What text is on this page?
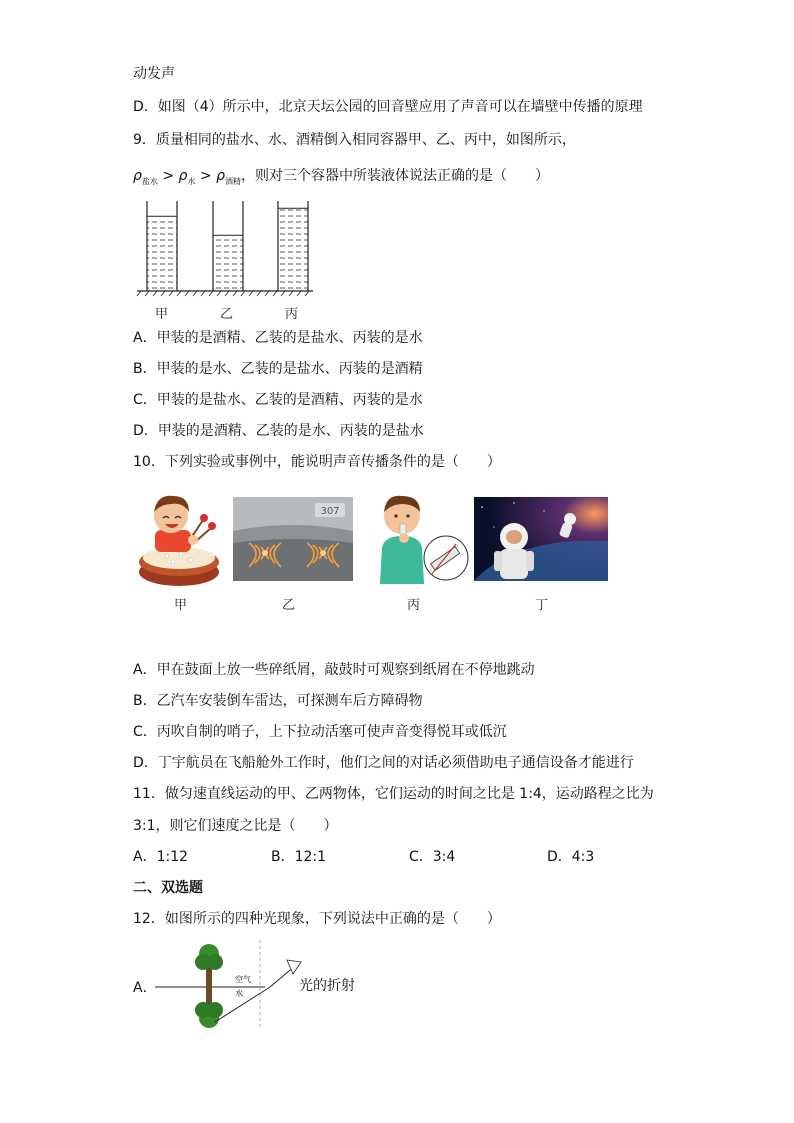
动发声
D．如图（4）所示中，北京天坛公园的回音壁应用了声音可以在墙壁中传播的原理
9．质量相同的盐水、水、酒精倒入相同容器甲、乙、丙中，如图所示，
$\rho_{盐水} > \rho_水 > \rho_{酒精}$，则对三个容器中所装液体说法正确的是（　　）
甲	乙	丙
A．甲装的是酒精、乙装的是盐水、丙装的是水
B．甲装的是水、乙装的是盐水、丙装的是酒精
C．甲装的是盐水、乙装的是酒精、丙装的是水
D．甲装的是酒精、乙装的是水、丙装的是盐水
10．下列实验或事例中，能说明声音传播条件的是（　　）
307
甲	乙	丙	丁
A．甲在鼓面上放一些碎纸屑，敲鼓时可观察到纸屑在不停地跳动
B．乙汽车安装倒车雷达，可探测车后方障碍物
C．丙吹自制的哨子，上下拉动活塞可使声音变得悦耳或低沉
D．丁宇航员在飞船舱外工作时，他们之间的对话必须借助电子通信设备才能进行
11．做匀速直线运动的甲、乙两物体，它们运动的时间之比是 1:4，运动路程之比为
3:1，则它们速度之比是（　　）
A．1:12	B．12:1	C．3:4	D．4:3
二、双选题
12．如图所示的四种光现象，下列说法中正确的是（　　）
A．
空气
水	光的折射
